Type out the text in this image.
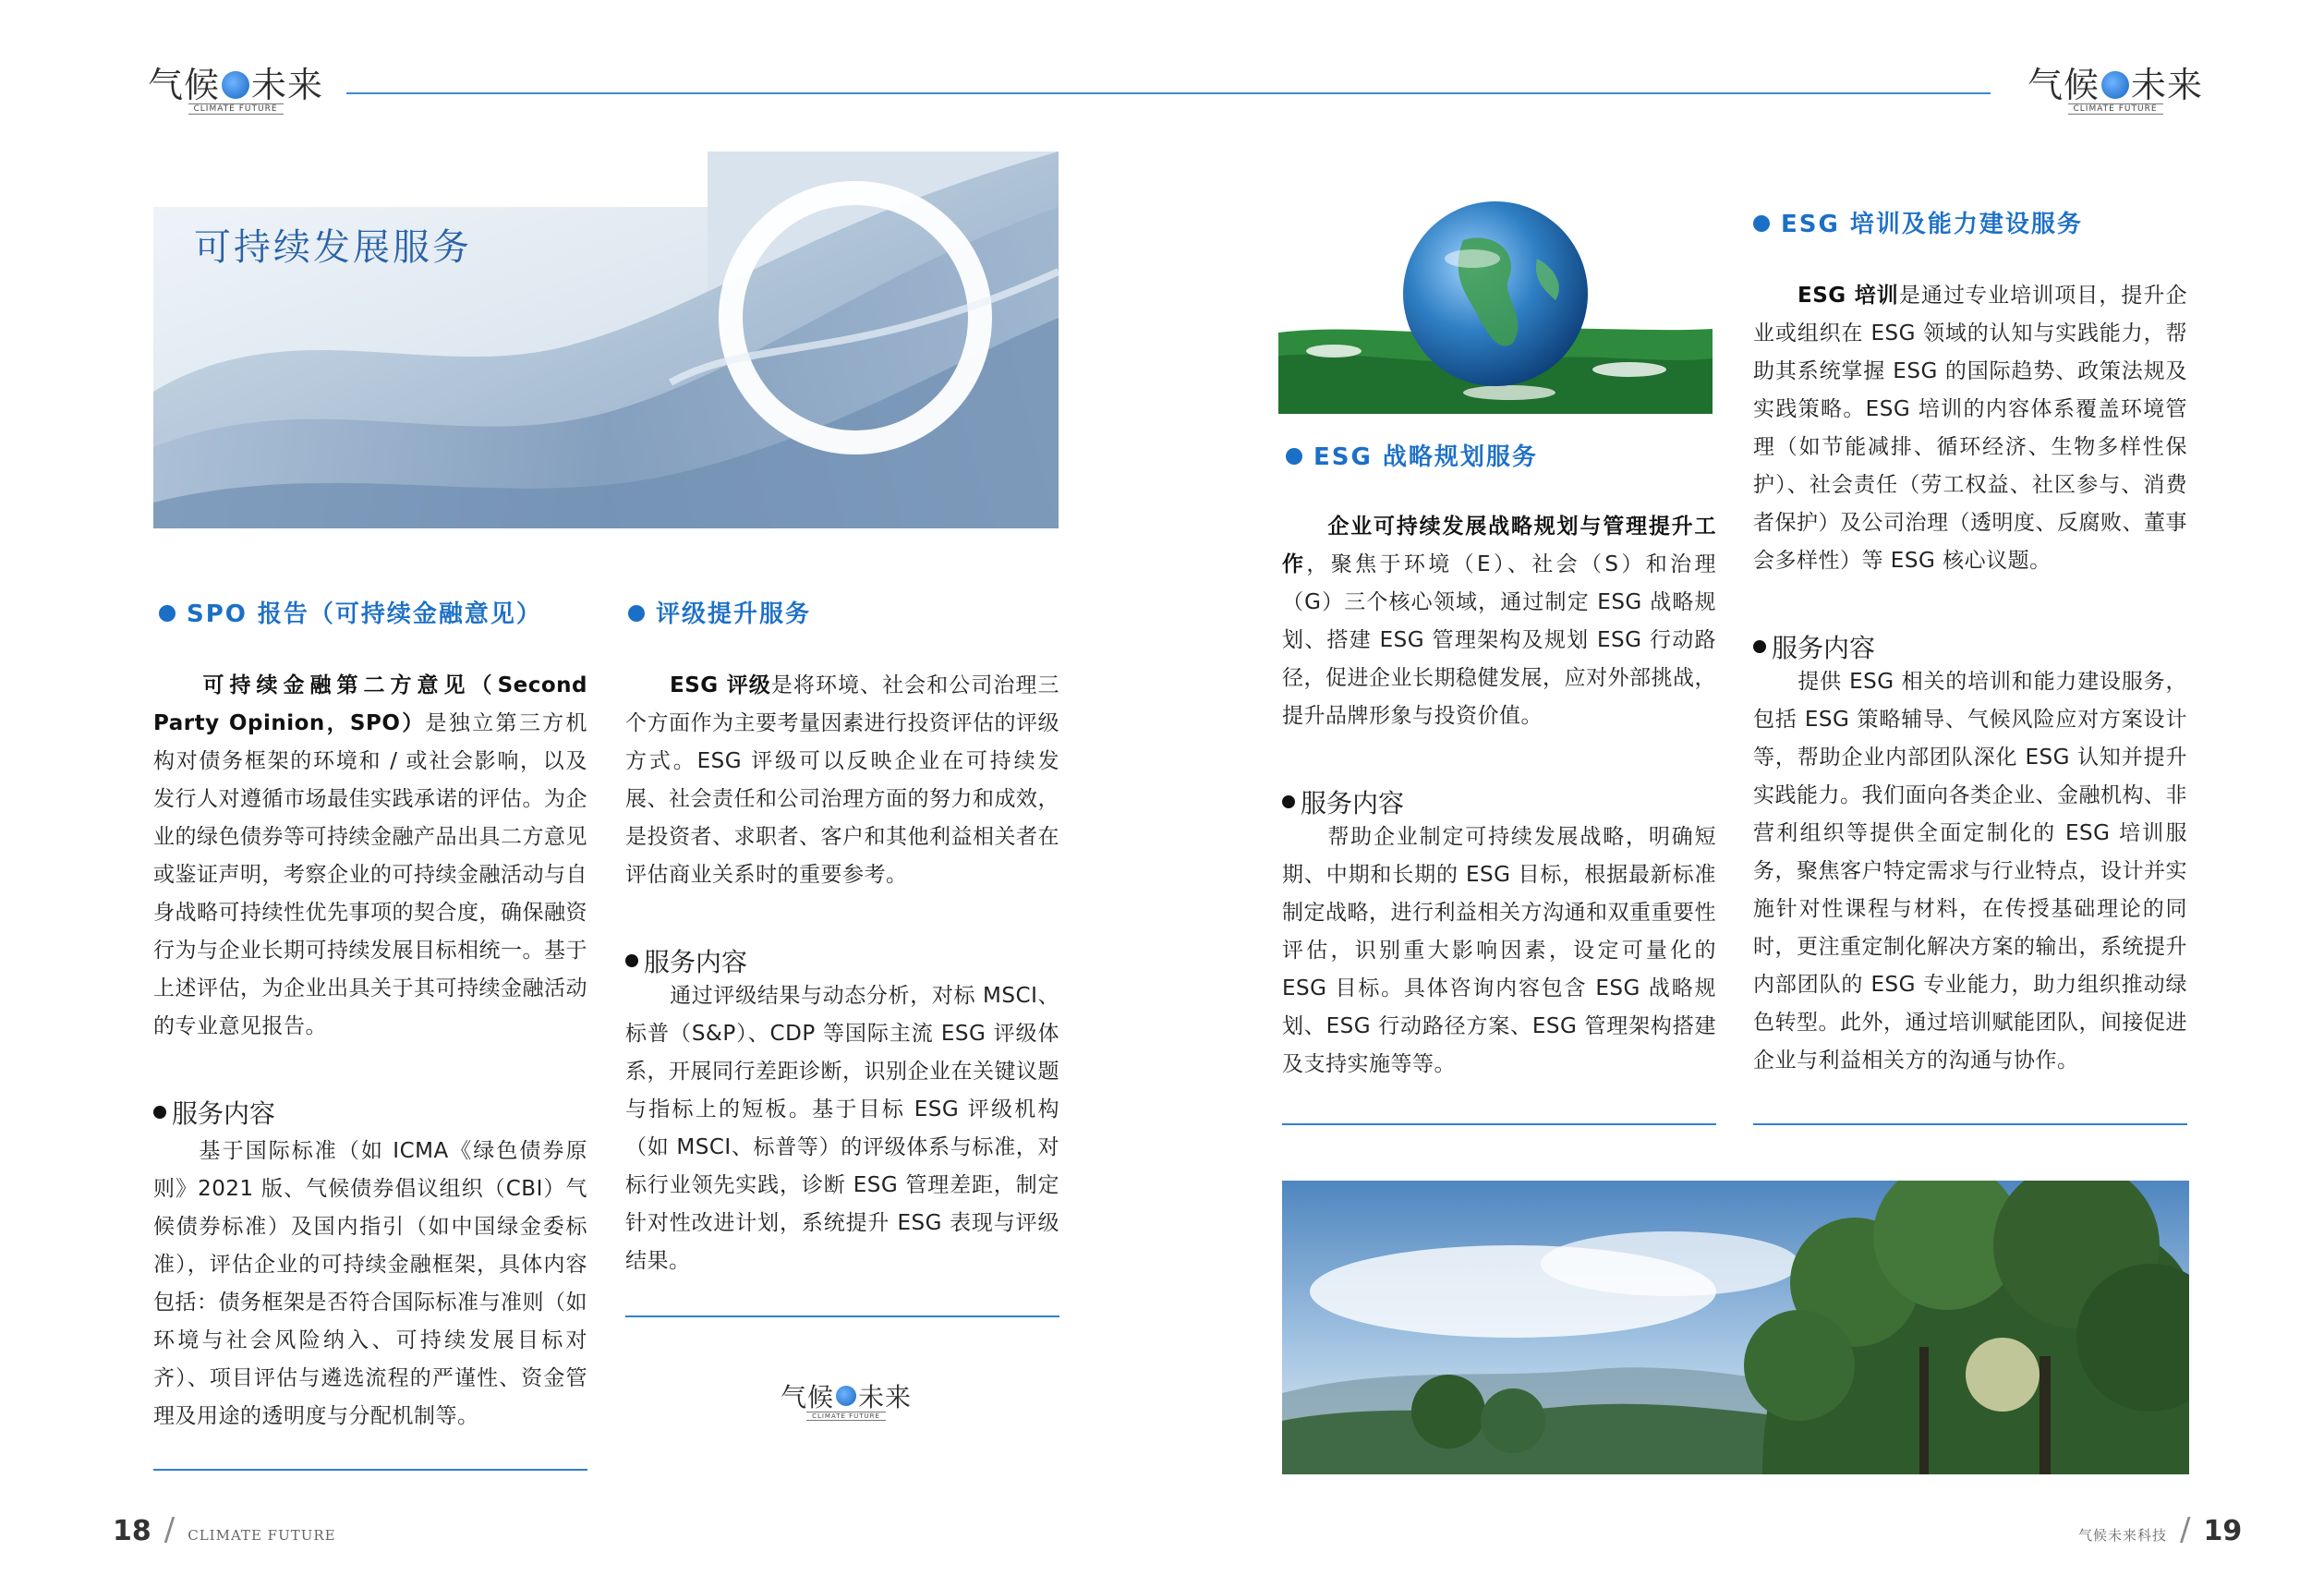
气候 未来
CLIMATE FUTURE
气候 未来
CLIMATE FUTURE
可持续发展服务
SPO 报告（可持续金融意见）
可持续金融第二方意见（Second Party Opinion，SPO）是独立第三方机构对债务框架的环境和 / 或社会影响，以及发行人对遵循市场最佳实践承诺的评估。为企业的绿色债券等可持续金融产品出具二方意见或鉴证声明，考察企业的可持续金融活动与自身战略可持续性优先事项的契合度，确保融资行为与企业长期可持续发展目标相统一。基于上述评估，为企业出具关于其可持续金融活动的专业意见报告。
服务内容
基于国际标准（如 ICMA《绿色债券原则》2021 版、气候债券倡议组织（CBI）气候债券标准）及国内指引（如中国绿金委标准），评估企业的可持续金融框架，具体内容包括：债务框架是否符合国际标准与准则（如环境与社会风险纳入、可持续发展目标对齐）、项目评估与遴选流程的严谨性、资金管理及用途的透明度与分配机制等。
评级提升服务
ESG 评级是将环境、社会和公司治理三个方面作为主要考量因素进行投资评估的评级方式。ESG 评级可以反映企业在可持续发展、社会责任和公司治理方面的努力和成效，是投资者、求职者、客户和其他利益相关者在评估商业关系时的重要参考。
服务内容
通过评级结果与动态分析，对标 MSCI、标普（S&P）、CDP 等国际主流 ESG 评级体系，开展同行差距诊断，识别企业在关键议题与指标上的短板。基于目标 ESG 评级机构（如 MSCI、标普等）的评级体系与标准，对标行业领先实践，诊断 ESG 管理差距，制定针对性改进计划，系统提升 ESG 表现与评级结果。
气候 未来
CLIMATE FUTURE
ESG 战略规划服务
企业可持续发展战略规划与管理提升工作，聚焦于环境（E）、社会（S）和治理（G）三个核心领域，通过制定 ESG 战略规划、搭建 ESG 管理架构及规划 ESG 行动路径，促进企业长期稳健发展，应对外部挑战，提升品牌形象与投资价值。
服务内容
帮助企业制定可持续发展战略，明确短期、中期和长期的 ESG 目标，根据最新标准制定战略，进行利益相关方沟通和双重重要性评估，识别重大影响因素，设定可量化的 ESG 目标。具体咨询内容包含 ESG 战略规划、ESG 行动路径方案、ESG 管理架构搭建及支持实施等等。
ESG 培训及能力建设服务
ESG 培训是通过专业培训项目，提升企业或组织在 ESG 领域的认知与实践能力，帮助其系统掌握 ESG 的国际趋势、政策法规及实践策略。ESG 培训的内容体系覆盖环境管理（如节能减排、循环经济、生物多样性保护）、社会责任（劳工权益、社区参与、消费者保护）及公司治理（透明度、反腐败、董事会多样性）等 ESG 核心议题。
服务内容
提供 ESG 相关的培训和能力建设服务，包括 ESG 策略辅导、气候风险应对方案设计等，帮助企业内部团队深化 ESG 认知并提升实践能力。我们面向各类企业、金融机构、非营利组织等提供全面定制化的 ESG 培训服务，聚焦客户特定需求与行业特点，设计并实施针对性课程与材料，在传授基础理论的同时，更注重定制化解决方案的输出，系统提升内部团队的 ESG 专业能力，助力组织推动绿色转型。此外，通过培训赋能团队，间接促进企业与利益相关方的沟通与协作。
18 / CLIMATE FUTURE	气候未来科技 / 19
